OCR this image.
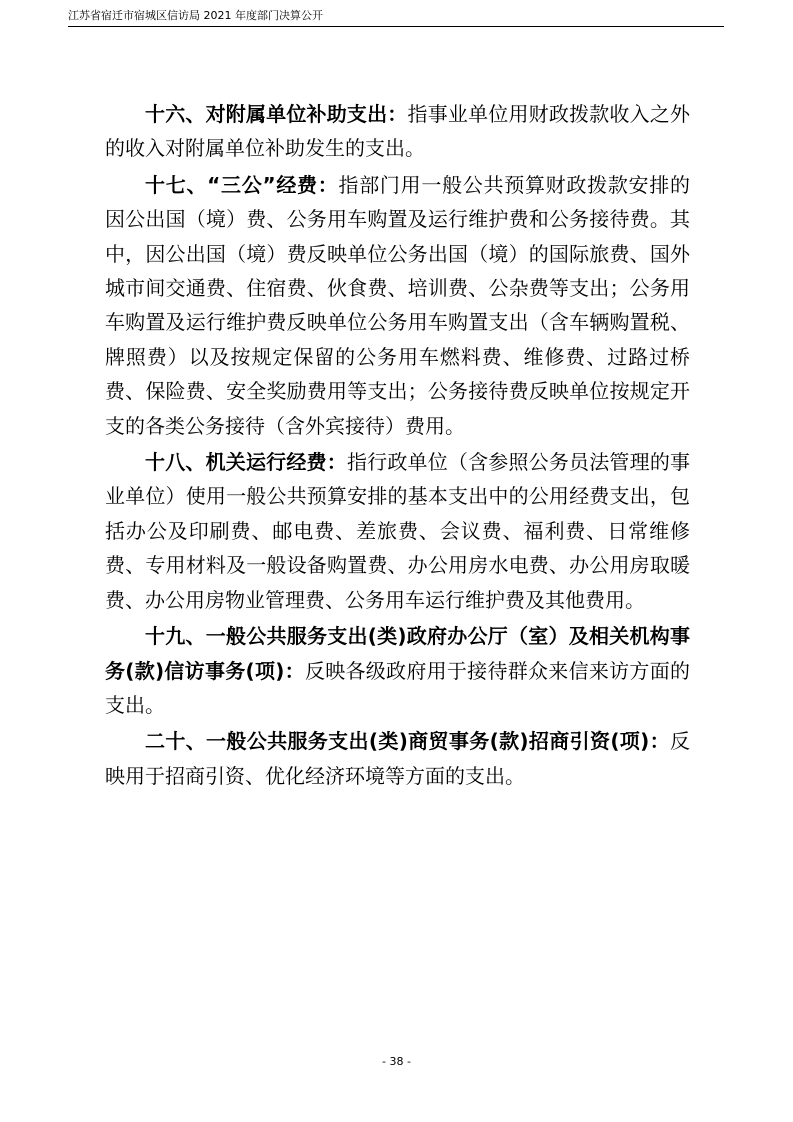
江苏省宿迁市宿城区信访局 2021 年度部门决算公开

十六、对附属单位补助支出：指事业单位用财政拨款收入之外的收入对附属单位补助发生的支出。

十七、“三公”经费：指部门用一般公共预算财政拨款安排的因公出国（境）费、公务用车购置及运行维护费和公务接待费。其中，因公出国（境）费反映单位公务出国（境）的国际旅费、国外城市间交通费、住宿费、伙食费、培训费、公杂费等支出；公务用车购置及运行维护费反映单位公务用车购置支出（含车辆购置税、牌照费）以及按规定保留的公务用车燃料费、维修费、过路过桥费、保险费、安全奖励费用等支出；公务接待费反映单位按规定开支的各类公务接待（含外宾接待）费用。

十八、机关运行经费：指行政单位（含参照公务员法管理的事业单位）使用一般公共预算安排的基本支出中的公用经费支出，包括办公及印刷费、邮电费、差旅费、会议费、福利费、日常维修费、专用材料及一般设备购置费、办公用房水电费、办公用房取暖费、办公用房物业管理费、公务用车运行维护费及其他费用。

十九、一般公共服务支出(类)政府办公厅（室）及相关机构事务(款)信访事务(项)：反映各级政府用于接待群众来信来访方面的支出。

二十、一般公共服务支出(类)商贸事务(款)招商引资(项)：反映用于招商引资、优化经济环境等方面的支出。

- 38 -
